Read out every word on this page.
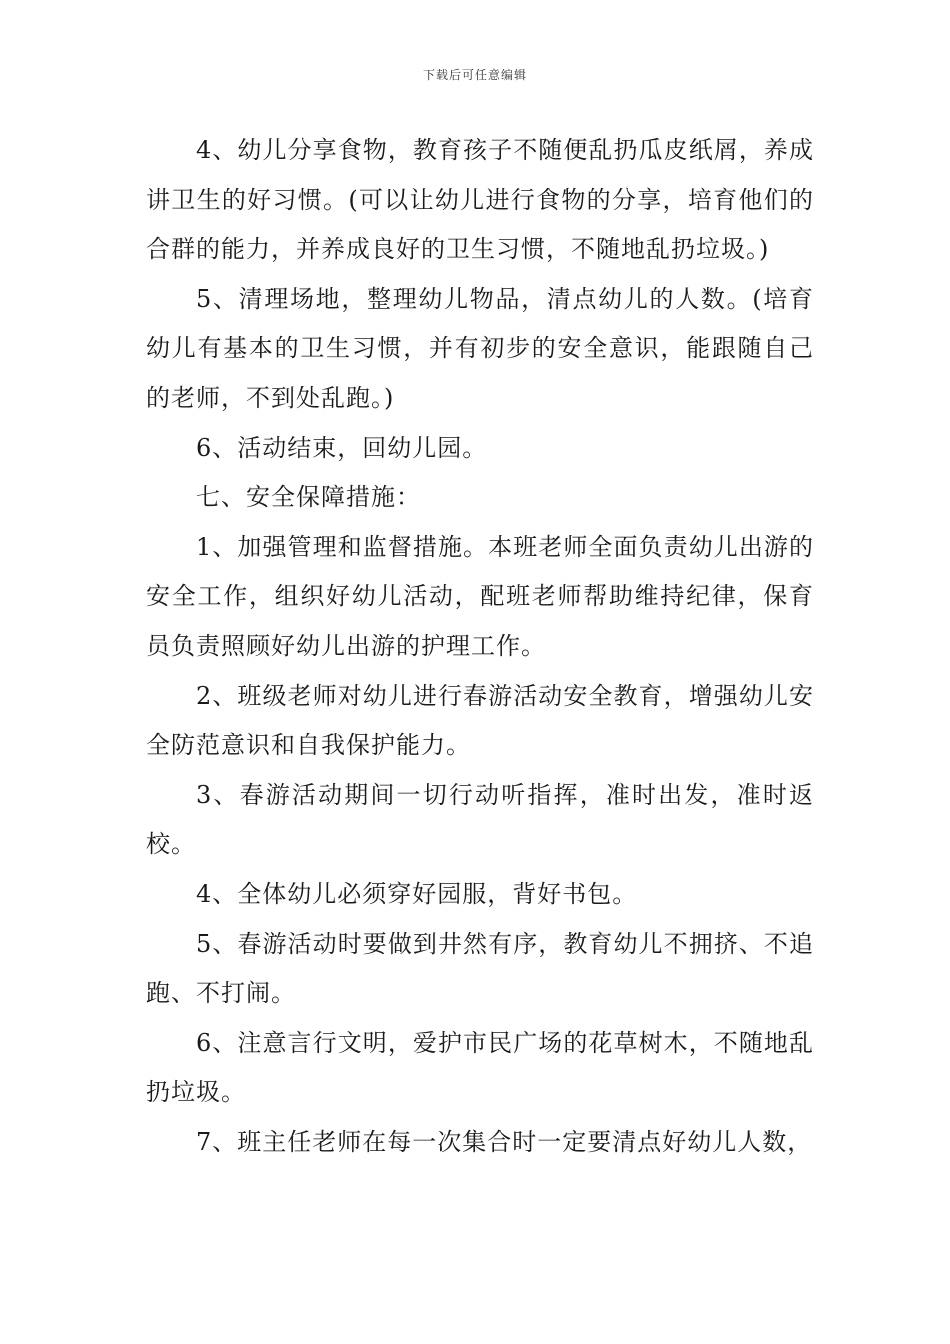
下载后可任意编辑

4、幼儿分享食物，教育孩子不随便乱扔瓜皮纸屑，养成讲卫生的好习惯。(可以让幼儿进行食物的分享，培育他们的合群的能力，并养成良好的卫生习惯，不随地乱扔垃圾。)

5、清理场地，整理幼儿物品，清点幼儿的人数。(培育幼儿有基本的卫生习惯，并有初步的安全意识，能跟随自己的老师，不到处乱跑。)

6、活动结束，回幼儿园。

七、安全保障措施：

1、加强管理和监督措施。本班老师全面负责幼儿出游的安全工作，组织好幼儿活动，配班老师帮助维持纪律，保育员负责照顾好幼儿出游的护理工作。

2、班级老师对幼儿进行春游活动安全教育，增强幼儿安全防范意识和自我保护能力。

3、春游活动期间一切行动听指挥，准时出发，准时返校。

4、全体幼儿必须穿好园服，背好书包。

5、春游活动时要做到井然有序，教育幼儿不拥挤、不追跑、不打闹。

6、注意言行文明，爱护市民广场的花草树木，不随地乱扔垃圾。

7、班主任老师在每一次集合时一定要清点好幼儿人数，
